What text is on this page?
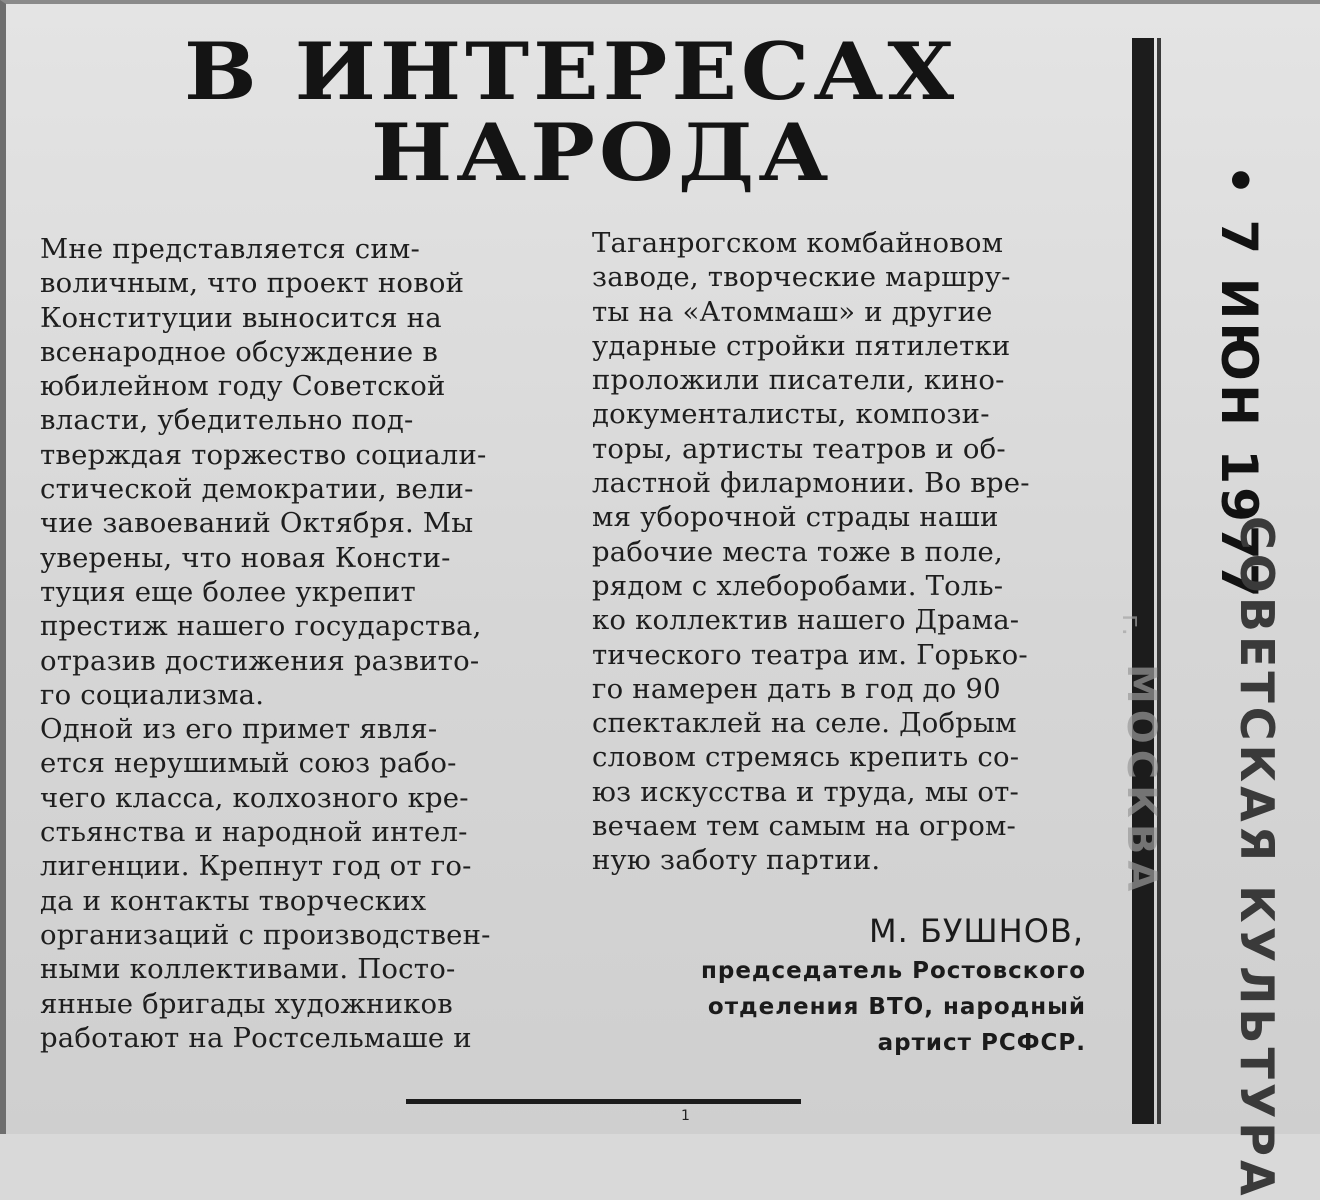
В ИНТЕРЕСАХ
НАРОДА
Мне представляется сим-
воличным, что проект новой
Конституции выносится на
всенародное обсуждение в
юбилейном году Советской
власти, убедительно под-
тверждая торжество социали-
стической демократии, вели-
чие завоеваний Октября. Мы
уверены, что новая Консти-
туция еще более укрепит
престиж нашего государства,
отразив достижения развито-
го социализма.
Одной из его примет явля-
ется нерушимый союз рабо-
чего класса, колхозного кре-
стьянства и народной интел-
лигенции. Крепнут год от го-
да и контакты творческих
организаций с производствен-
ными коллективами. Посто-
янные бригады художников
работают на Ростсельмаше и
Таганрогском комбайновом
заводе, творческие маршру-
ты на «Атоммаш» и другие
ударные стройки пятилетки
проложили писатели, кино-
документалисты, компози-
торы, артисты театров и об-
ластной филармонии. Во вре-
мя уборочной страды наши
рабочие места тоже в поле,
рядом с хлеборобами. Толь-
ко коллектив нашего Драма-
тического театра им. Горько-
го намерен дать в год до 90
спектаклей на селе. Добрым
словом стремясь крепить со-
юз искусства и труда, мы от-
вечаем тем самым на огром-
ную заботу партии.
М. БУШНОВ,
председатель Ростовского
отделения ВТО, народный
артист РСФСР.
1
г.
МОСКВА
• 7 ИЮН 1977
СОВЕТСКАЯ КУЛЬТУРА
